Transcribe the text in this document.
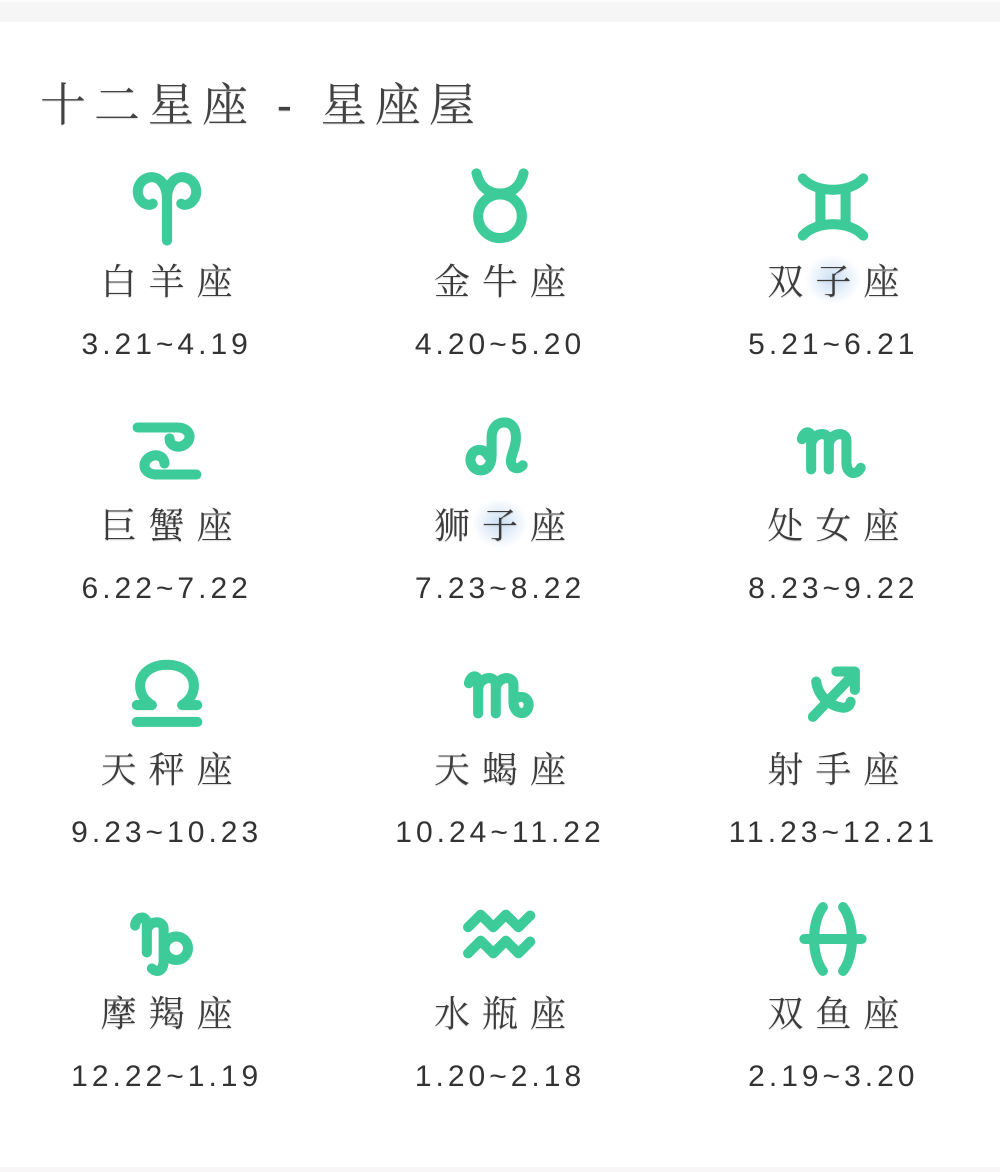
十二星座 - 星座屋
白羊座
3.21~4.19
金牛座
4.20~5.20
双子座
5.21~6.21
巨蟹座
6.22~7.22
狮子座
7.23~8.22
处女座
8.23~9.22
天秤座
9.23~10.23
天蝎座
10.24~11.22
射手座
11.23~12.21
摩羯座
12.22~1.19
水瓶座
1.20~2.18
双鱼座
2.19~3.20
